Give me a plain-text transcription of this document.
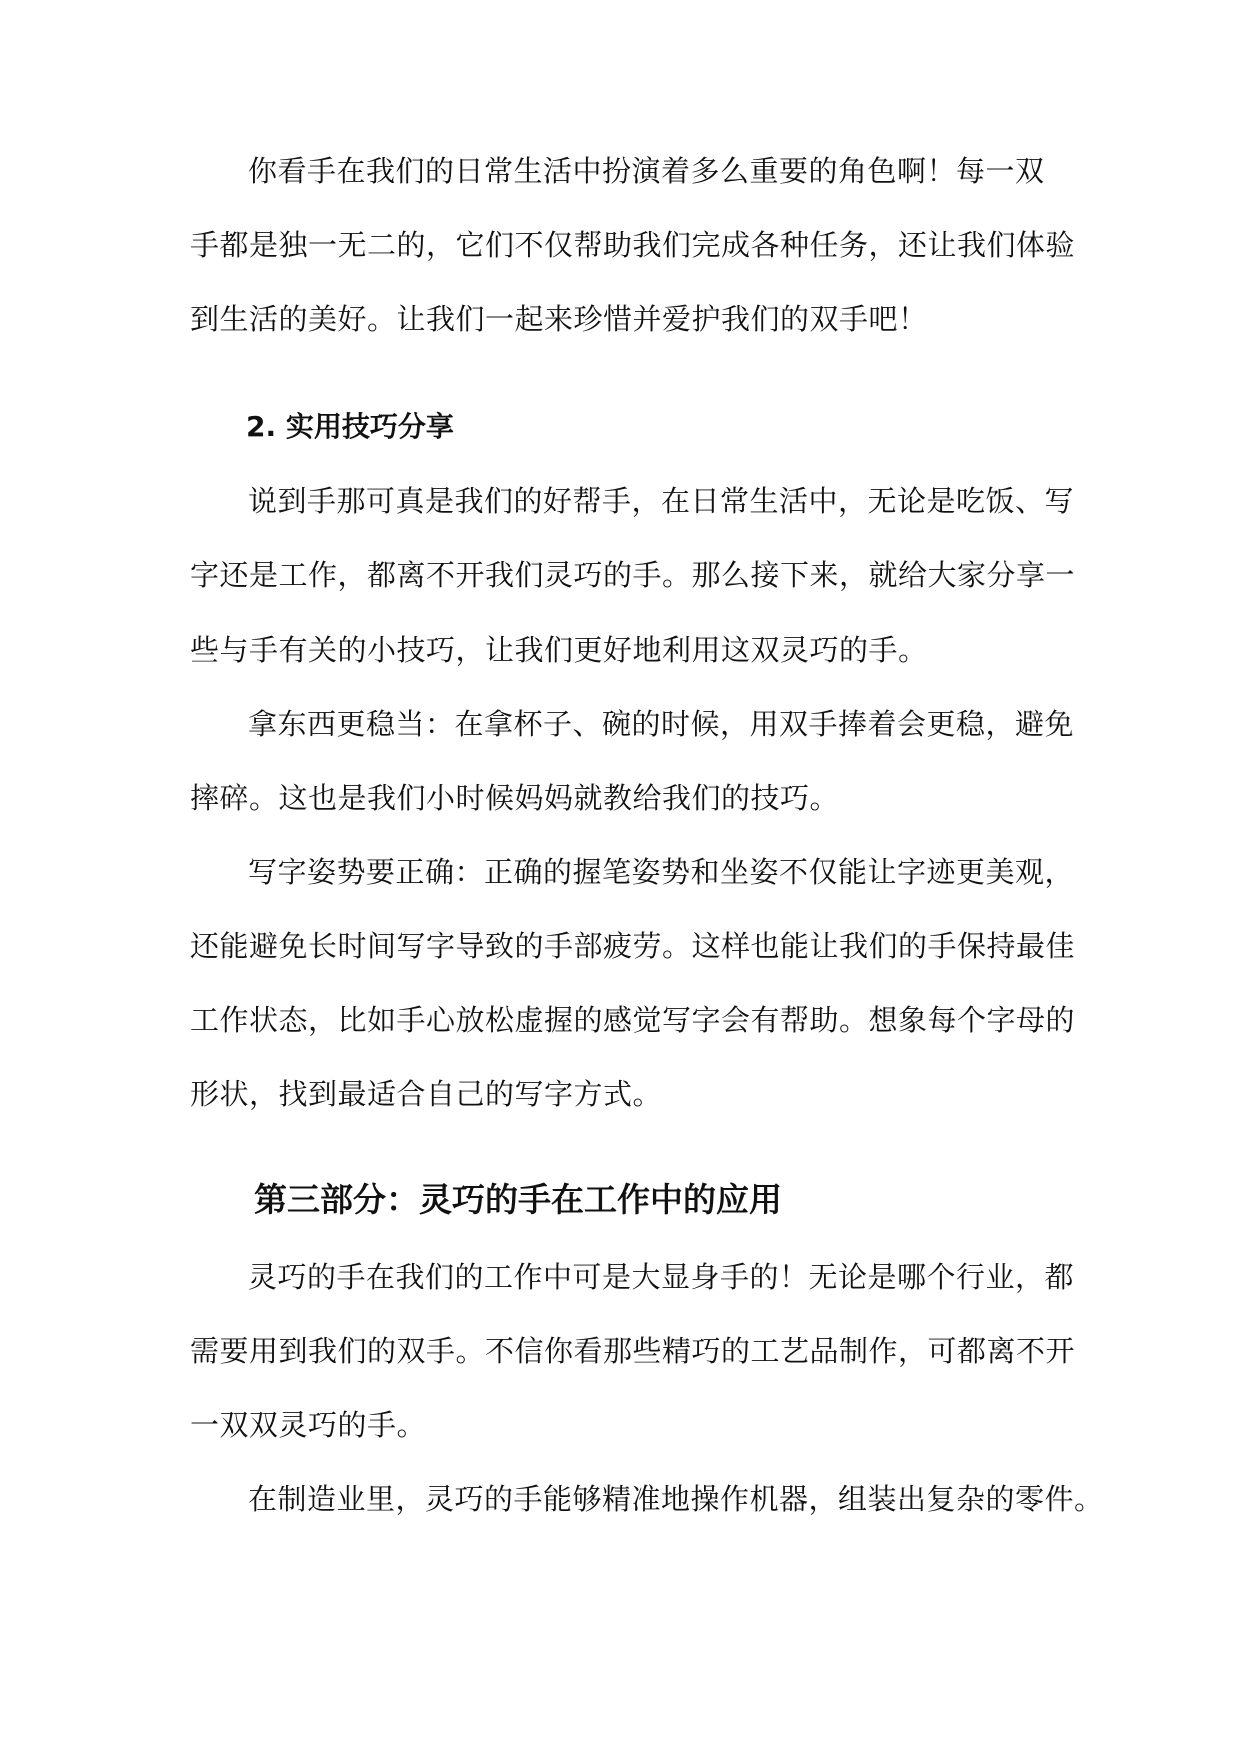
你看手在我们的日常生活中扮演着多么重要的角色啊！每一双
手都是独一无二的，它们不仅帮助我们完成各种任务，还让我们体验
到生活的美好。让我们一起来珍惜并爱护我们的双手吧！
2. 实用技巧分享
说到手那可真是我们的好帮手，在日常生活中，无论是吃饭、写
字还是工作，都离不开我们灵巧的手。那么接下来，就给大家分享一
些与手有关的小技巧，让我们更好地利用这双灵巧的手。
拿东西更稳当：在拿杯子、碗的时候，用双手捧着会更稳，避免
摔碎。这也是我们小时候妈妈就教给我们的技巧。
写字姿势要正确：正确的握笔姿势和坐姿不仅能让字迹更美观，
还能避免长时间写字导致的手部疲劳。这样也能让我们的手保持最佳
工作状态，比如手心放松虚握的感觉写字会有帮助。想象每个字母的
形状，找到最适合自己的写字方式。
第三部分：灵巧的手在工作中的应用
灵巧的手在我们的工作中可是大显身手的！无论是哪个行业，都
需要用到我们的双手。不信你看那些精巧的工艺品制作，可都离不开
一双双灵巧的手。
在制造业里，灵巧的手能够精准地操作机器，组装出复杂的零件。
